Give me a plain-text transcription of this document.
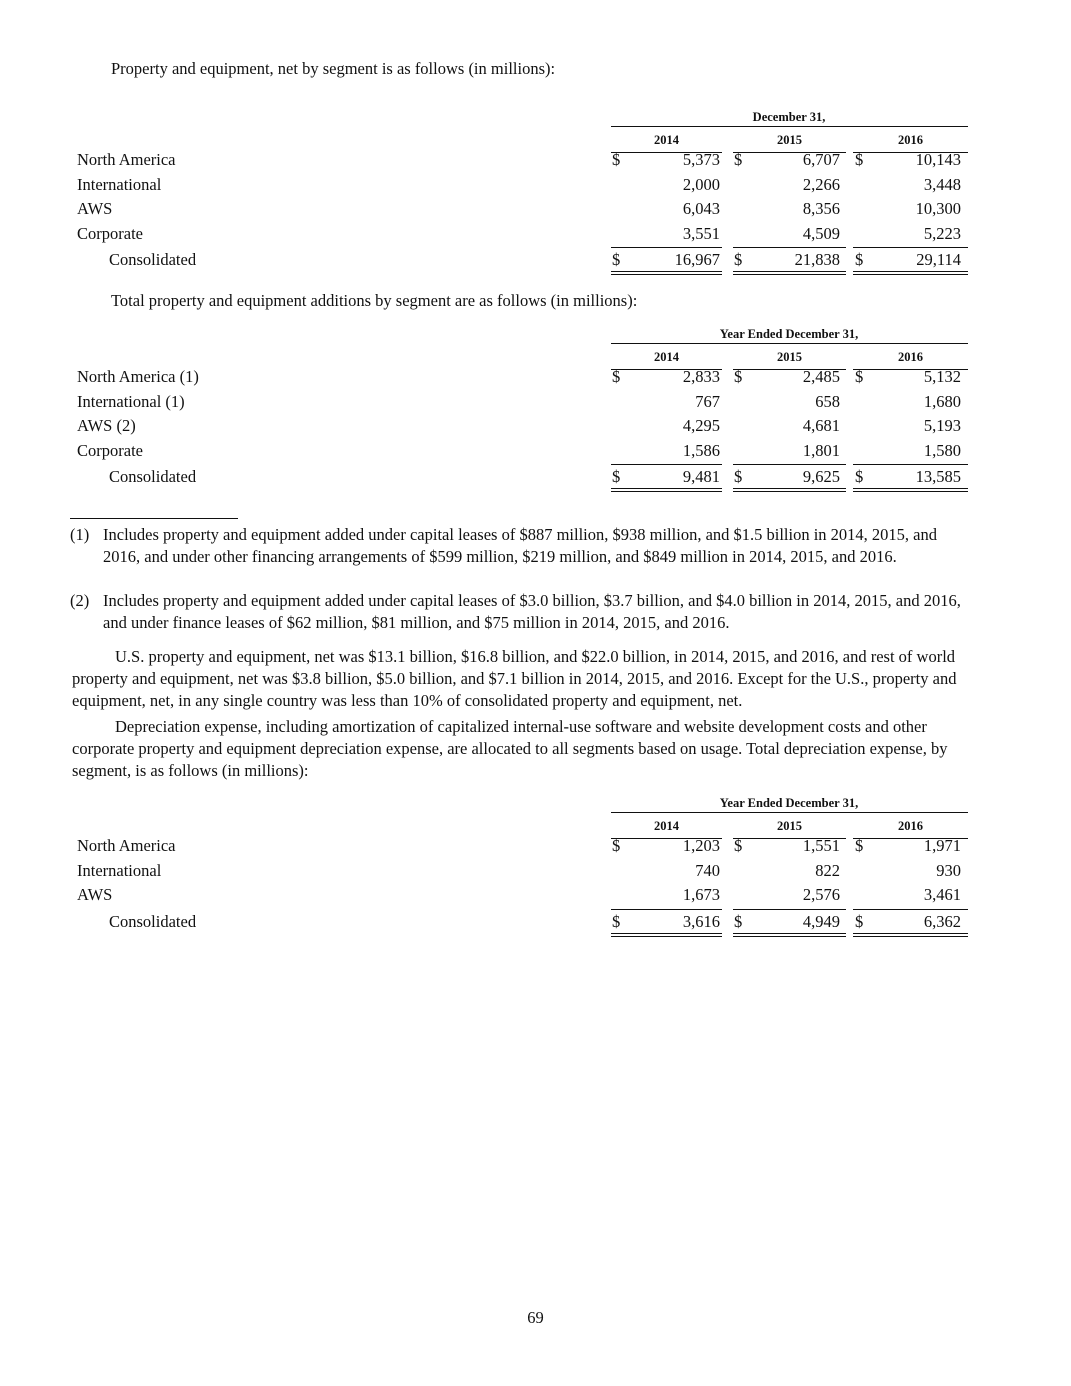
Property and equipment, net by segment is as follows (in millions):

December 31,
2014	2015	2016
North America	$	5,373 $	6,707 $	10,143
International	2,000	2,266	3,448
AWS	6,043	8,356	10,300
Corporate	3,551	4,509	5,223
Consolidated	$	16,967 $	21,838 $	29,114

Total property and equipment additions by segment are as follows (in millions):

Year Ended December 31,
2014	2015	2016
North America (1)	$	2,833 $	2,485 $	5,132
International (1)	767	658	1,680
AWS (2)	4,295	4,681	5,193
Corporate	1,586	1,801	1,580
Consolidated	$	9,481 $	9,625 $	13,585
(1) Includes property and equipment added under capital leases of $887 million, $938 million, and $1.5 billion in 2014, 2015, and 2016, and under other financing arrangements of $599 million, $219 million, and $849 million in 2014, 2015, and 2016.
(2) Includes property and equipment added under capital leases of $3.0 billion, $3.7 billion, and $4.0 billion in 2014, 2015, and 2016, and under finance leases of $62 million, $81 million, and $75 million in 2014, 2015, and 2016.

U.S. property and equipment, net was $13.1 billion, $16.8 billion, and $22.0 billion, in 2014, 2015, and 2016, and rest of world property and equipment, net was $3.8 billion, $5.0 billion, and $7.1 billion in 2014, 2015, and 2016. Except for the U.S., property and equipment, net, in any single country was less than 10% of consolidated property and equipment, net.

Depreciation expense, including amortization of capitalized internal-use software and website development costs and other corporate property and equipment depreciation expense, are allocated to all segments based on usage. Total depreciation expense, by segment, is as follows (in millions):

Year Ended December 31,
2014	2015	2016
North America	$	1,203 $	1,551 $	1,971
International	740	822	930
AWS	1,673	2,576	3,461
Consolidated	$	3,616 $	4,949 $	6,362
69
